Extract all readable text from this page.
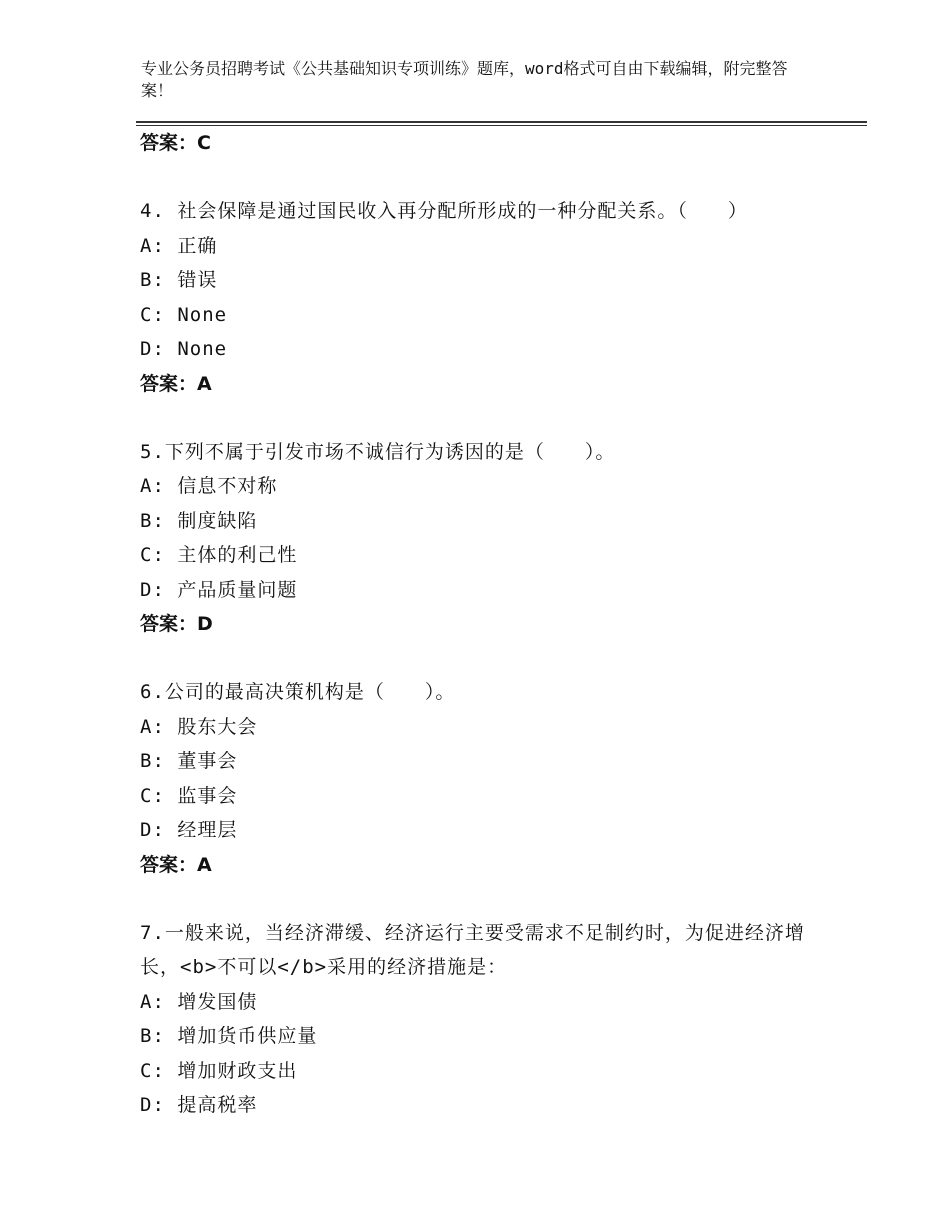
专业公务员招聘考试《公共基础知识专项训练》题库，word格式可自由下载编辑，附完整答案！
答案：C
4. 社会保障是通过国民收入再分配所形成的一种分配关系。（　　）
A: 正确
B: 错误
C: None
D: None
答案：A
5.下列不属于引发市场不诚信行为诱因的是（　　）。
A: 信息不对称
B: 制度缺陷
C: 主体的利己性
D: 产品质量问题
答案：D
6.公司的最高决策机构是（　　）。
A: 股东大会
B: 董事会
C: 监事会
D: 经理层
答案：A
7.一般来说，当经济滞缓、经济运行主要受需求不足制约时，为促进经济增长，<b>不可以</b>采用的经济措施是：
A: 增发国债
B: 增加货币供应量
C: 增加财政支出
D: 提高税率
